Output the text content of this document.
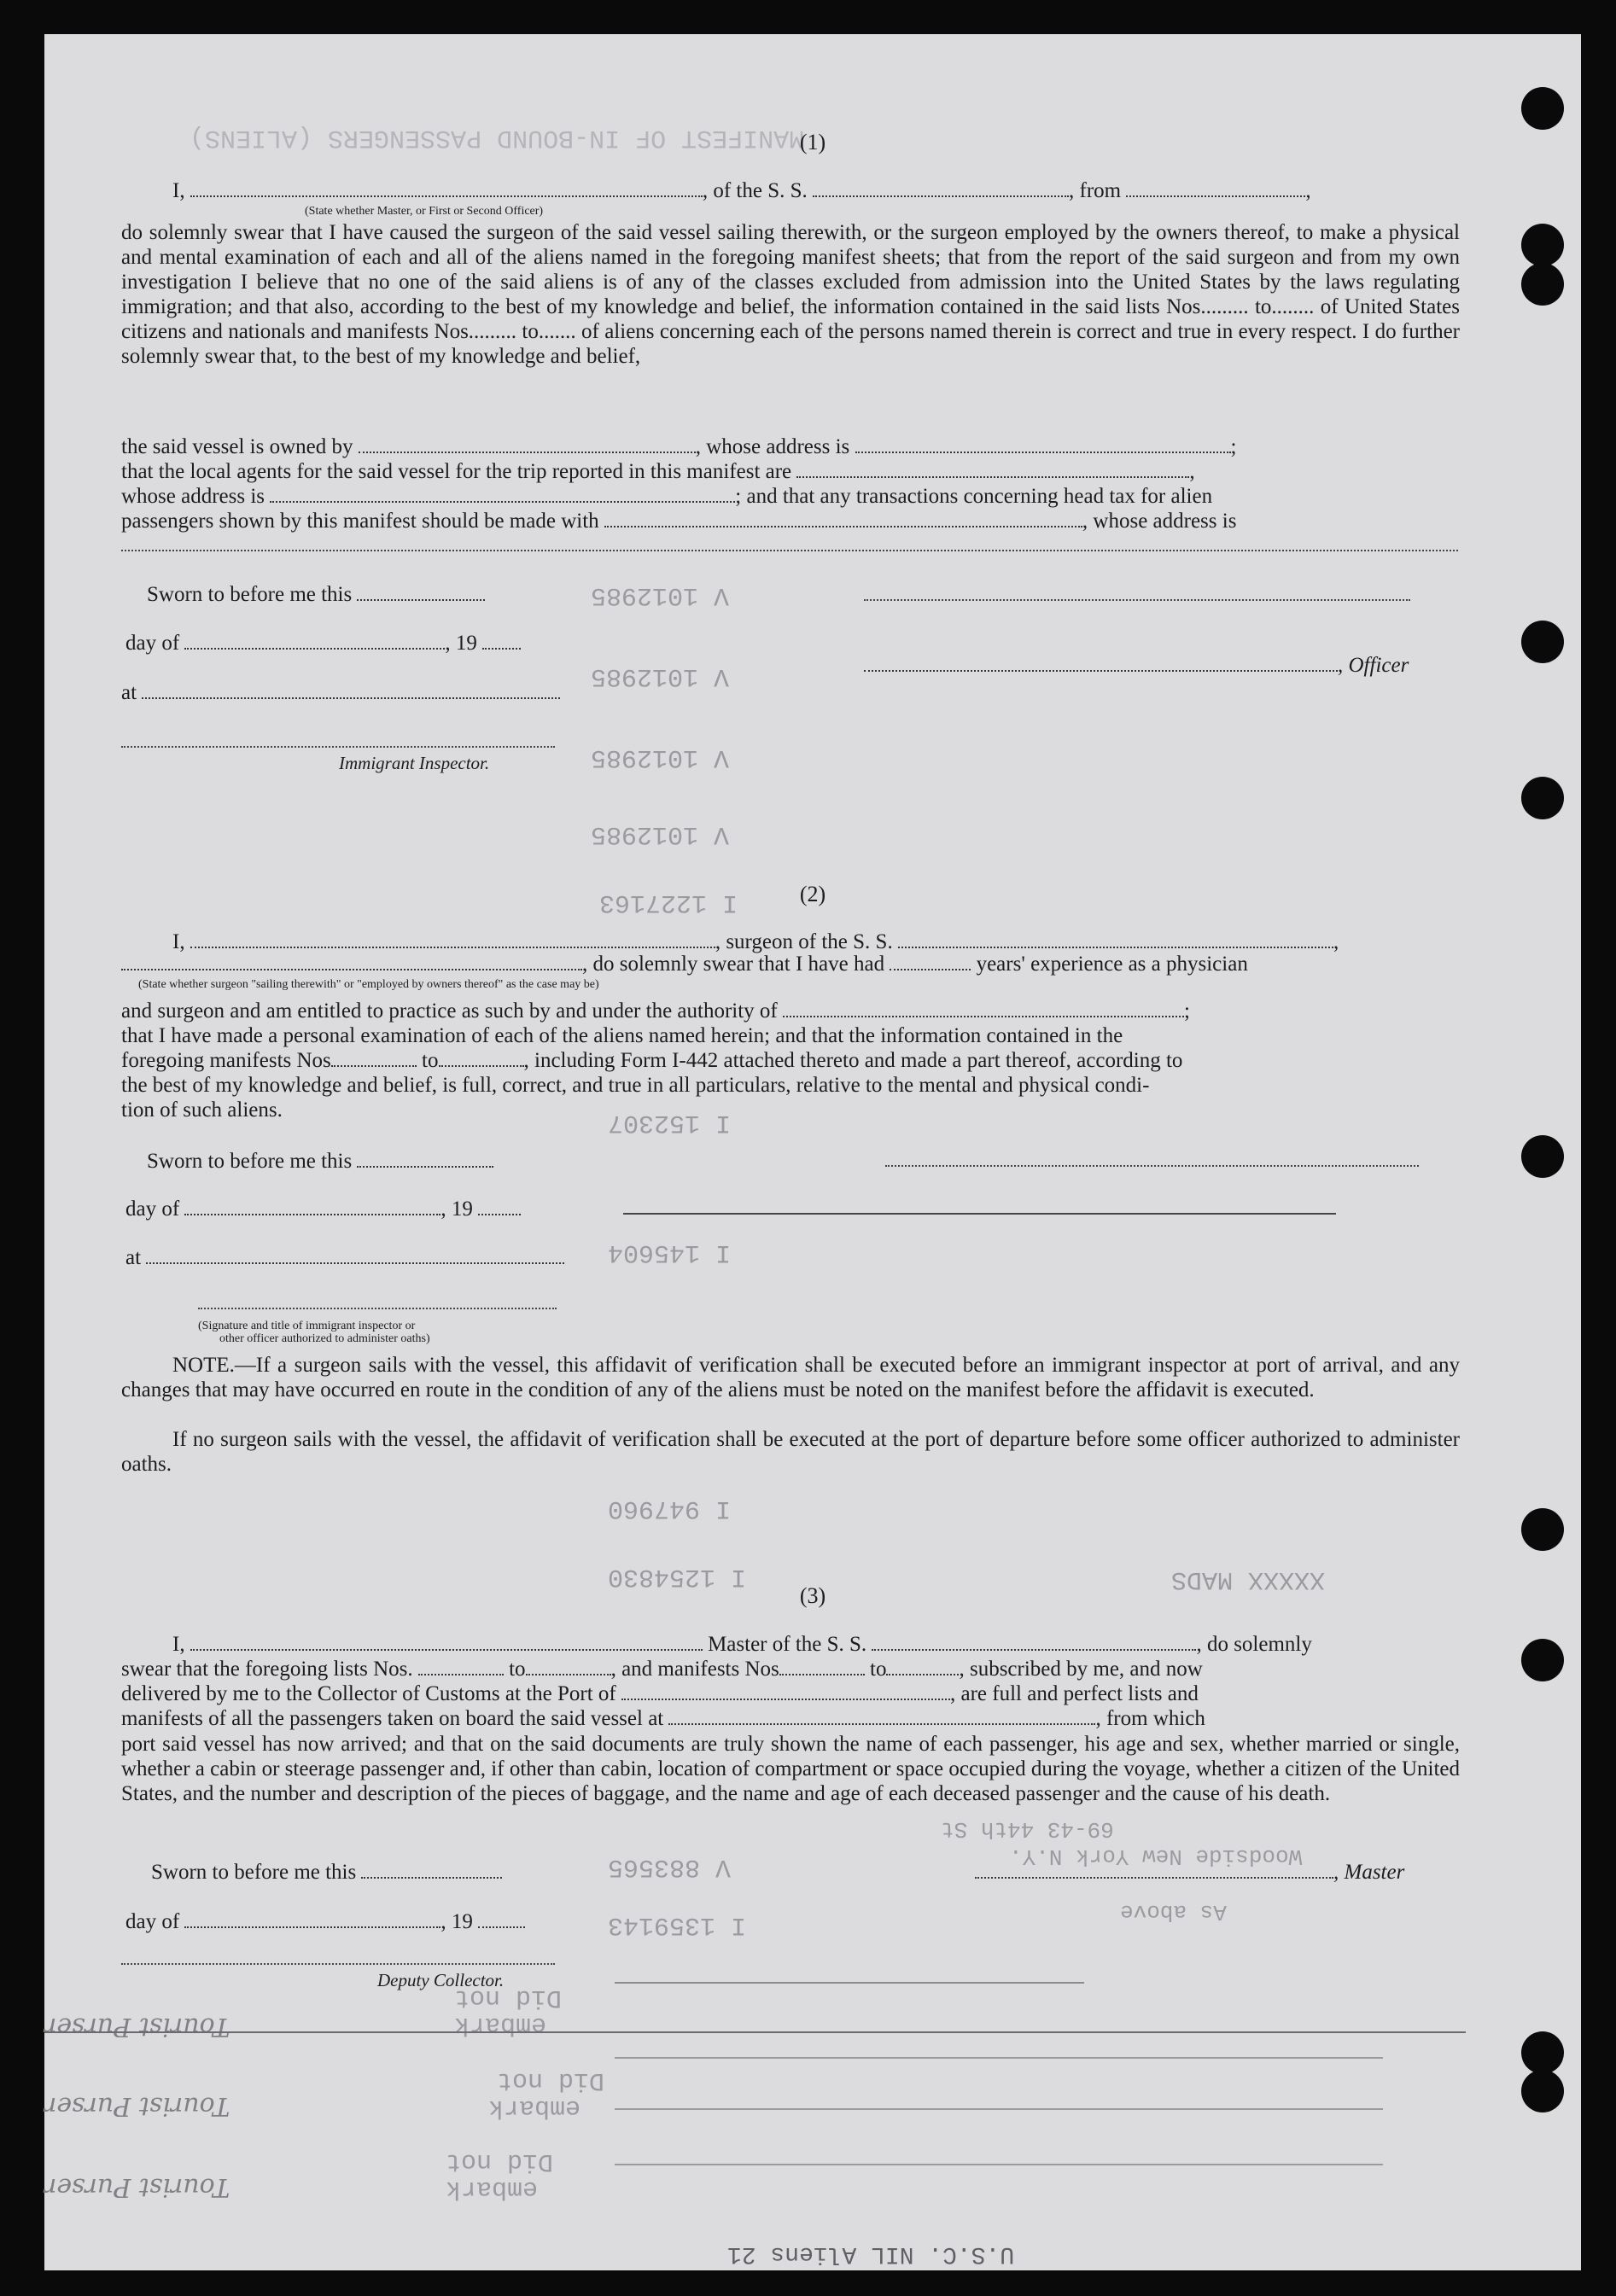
MANIFEST OF IN-BOUND PASSENGERS (ALIENS)
V 1012985
V 1012985
V 1012985
V 1012985
I 1227163
I 152307
I 145604
I 947960
I 1254830
V 883565
I 1359143
XXXXX MADS
69-43 44th St
Woodside New York N.Y.
As above
Did not
embark
Did not
embark
Did not
embark
Tourist Purser
Tourist Purser
Tourist Purser
U.S.C. NIL Aliens 21
(1)
I,	, of the S. S.	, from	,
(State whether Master, or First or Second Officer)
do solemnly swear that I have caused the surgeon of the said vessel sailing therewith, or the surgeon employed by the owners thereof, to make a physical and mental examination of each and all of the aliens named in the foregoing manifest sheets; that from the report of the said surgeon and from my own investigation I believe that no one of the said aliens is of any of the classes excluded from admission into the United States by the laws regulating immigration; and that also, according to the best of my knowledge and belief, the information contained in the said lists Nos......... to........ of United States citizens and nationals and manifests Nos......... to....... of aliens concerning each of the persons named therein is correct and true in every respect. I do further solemnly swear that, to the best of my knowledge and belief,
the said vessel is owned by	, whose address is	;
that the local agents for the said vessel for the trip reported in this manifest are	,
whose address is	; and that any transactions concerning head tax for alien
passengers shown by this manifest should be made with	, whose address is
Sworn to before me this
day of	, 19
, Officer
at
Immigrant Inspector.
(2)
I,	, surgeon of the S. S.	,
, do solemnly swear that I have had	years' experience as a physician
(State whether surgeon "sailing therewith" or "employed by owners thereof" as the case may be)
and surgeon and am entitled to practice as such by and under the authority of	;
that I have made a personal examination of each of the aliens named herein; and that the information contained in the
foregoing manifests Nos	to	, including Form I-442 attached thereto and made a part thereof, according to
the best of my knowledge and belief, is full, correct, and true in all particulars, relative to the mental and physical condi-
tion of such aliens.
Sworn to before me this
day of	, 19
at
(Signature and title of immigrant inspector or
other officer authorized to administer oaths)
NOTE.—If a surgeon sails with the vessel, this affidavit of verification shall be executed before an immigrant inspector at port of arrival, and any changes that may have occurred en route in the condition of any of the aliens must be noted on the manifest before the affidavit is executed.
If no surgeon sails with the vessel, the affidavit of verification shall be executed at the port of departure before some officer authorized to administer oaths.
(3)
I,	Master of the S. S.	, do solemnly
swear that the foregoing lists Nos.	to	, and manifests Nos	to	, subscribed by me, and now
delivered by me to the Collector of Customs at the Port of	, are full and perfect lists and
manifests of all the passengers taken on board the said vessel at	, from which
port said vessel has now arrived; and that on the said documents are truly shown the name of each passenger, his age and sex, whether married or single, whether a cabin or steerage passenger and, if other than cabin, location of compartment or space occupied during the voyage, whether a citizen of the United States, and the number and description of the pieces of baggage, and the name and age of each deceased passenger and the cause of his death.
Sworn to before me this	, Master
day of	, 19
Deputy Collector.
